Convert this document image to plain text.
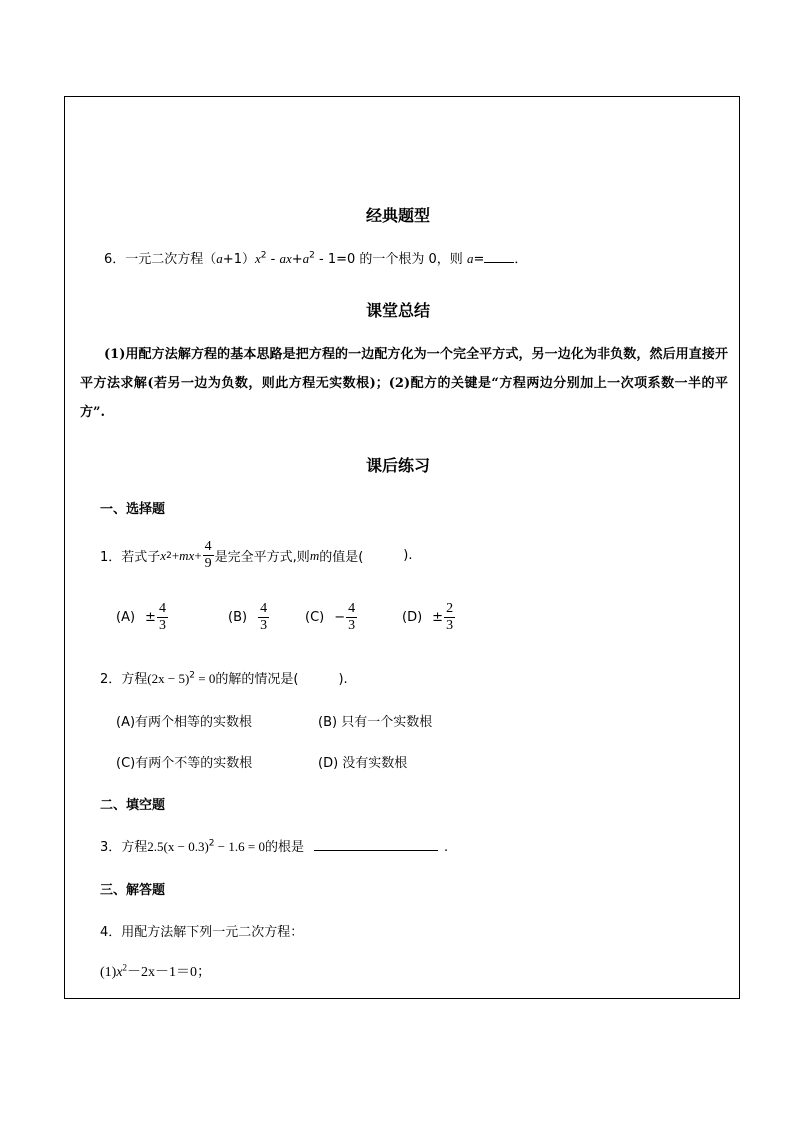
经典题型
6．一元二次方程$(a+1)x^2 - ax+a^2 - 1=0$ 的一个根为 0，则 a= ．
课堂总结
(1)用配方法解方程的基本思路是把方程的一边配方化为一个完全平方式，另一边化为非负数，然后用直接开平方法求解(若另一边为负数，则此方程无实数根)；(2)配方的关键是“方程两边分别加上一次项系数一半的平方”.
课后练习
一、选择题
1． 若式子 x 2 + mx + $\frac{4}{9}$ 是完全平方式,则 m 的值是(	).
$(A) \pm \frac{4}{3}$	$(B) \frac{4}{3}$	$(C) - \frac{4}{3}$	$(D) \pm \frac{2}{3}$
2．方程$(2x - 5)^2 = 0$的解的情况是(	).
(A)有两个相等的实数根	(B) 只有一个实数根
(C)有两个不等的实数根	(D) 没有实数根
二、填空题
3．方程$2.5(x - 0.3)^2 - 1.6 = 0$的根是	.
三、解答题
4．用配方法解下列一元二次方程：
$(1)x^2-2x-1=0$；
